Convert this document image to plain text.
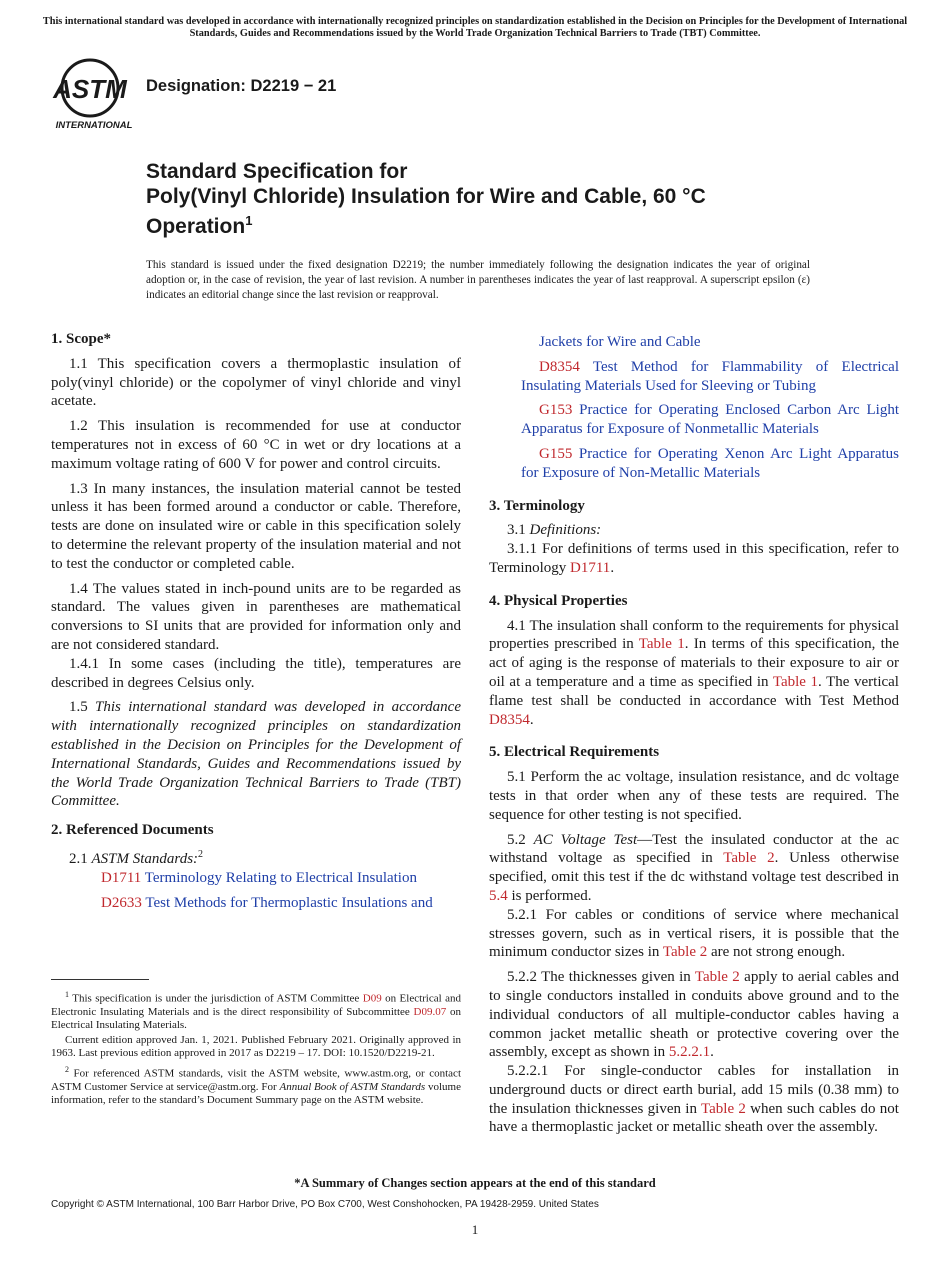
This international standard was developed in accordance with internationally recognized principles on standardization established in the Decision on Principles for the Development of International Standards, Guides and Recommendations issued by the World Trade Organization Technical Barriers to Trade (TBT) Committee.
ASTM
INTERNATIONAL
Designation: D2219 − 21
Standard Specification for
Poly(Vinyl Chloride) Insulation for Wire and Cable, 60 °C
Operation$^1$
This standard is issued under the fixed designation D2219; the number immediately following the designation indicates the year of original adoption or, in the case of revision, the year of last revision. A number in parentheses indicates the year of last reapproval. A superscript epsilon (ε) indicates an editorial change since the last revision or reapproval.
1. Scope*

1.1 This specification covers a thermoplastic insulation of poly(vinyl chloride) or the copolymer of vinyl chloride and vinyl acetate.

1.2 This insulation is recommended for use at conductor temperatures not in excess of 60 °C in wet or dry locations at a maximum voltage rating of 600 V for power and control circuits.

1.3 In many instances, the insulation material cannot be tested unless it has been formed around a conductor or cable. Therefore, tests are done on insulated wire or cable in this specification solely to determine the relevant property of the insulation material and not to test the conductor or completed cable.

1.4 The values stated in inch-pound units are to be regarded as standard. The values given in parentheses are mathematical conversions to SI units that are provided for information only and are not considered standard.

1.4.1 In some cases (including the title), temperatures are described in degrees Celsius only.

1.5 This international standard was developed in accordance with internationally recognized principles on standardization established in the Decision on Principles for the Development of International Standards, Guides and Recommendations issued by the World Trade Organization Technical Barriers to Trade (TBT) Committee.

2. Referenced Documents

2.1 ASTM Standards:$^2$

D1711 Terminology Relating to Electrical Insulation

D2633 Test Methods for Thermoplastic Insulations and

$^1$ This specification is under the jurisdiction of ASTM Committee D09 on Electrical and Electronic Insulating Materials and is the direct responsibility of Subcommittee D09.07 on Electrical Insulating Materials.

Current edition approved Jan. 1, 2021. Published February 2021. Originally approved in 1963. Last previous edition approved in 2017 as D2219 – 17. DOI: 10.1520/D2219-21.

$^2$ For referenced ASTM standards, visit the ASTM website, www.astm.org, or contact ASTM Customer Service at service@astm.org. For Annual Book of ASTM Standards volume information, refer to the standard’s Document Summary page on the ASTM website.

Jackets for Wire and Cable

D8354 Test Method for Flammability of Electrical Insulating Materials Used for Sleeving or Tubing

G153 Practice for Operating Enclosed Carbon Arc Light Apparatus for Exposure of Nonmetallic Materials

G155 Practice for Operating Xenon Arc Light Apparatus for Exposure of Non-Metallic Materials

3. Terminology

3.1 Definitions:

3.1.1 For definitions of terms used in this specification, refer to Terminology D1711.

4. Physical Properties

4.1 The insulation shall conform to the requirements for physical properties prescribed in Table 1. In terms of this specification, the act of aging is the response of materials to their exposure to air or oil at a temperature and a time as specified in Table 1. The vertical flame test shall be conducted in accordance with Test Method D8354.

5. Electrical Requirements

5.1 Perform the ac voltage, insulation resistance, and dc voltage tests in that order when any of these tests are required. The sequence for other testing is not specified.

5.2 AC Voltage Test—Test the insulated conductor at the ac withstand voltage as specified in Table 2. Unless otherwise specified, omit this test if the dc withstand voltage test described in 5.4 is performed.

5.2.1 For cables or conditions of service where mechanical stresses govern, such as in vertical risers, it is possible that the minimum conductor sizes in Table 2 are not strong enough.

5.2.2 The thicknesses given in Table 2 apply to aerial cables and to single conductors installed in conduits above ground and to the individual conductors of all multiple-conductor cables having a common jacket metallic sheath or protective covering over the assembly, except as shown in 5.2.2.1.

5.2.2.1 For single-conductor cables for installation in underground ducts or direct earth burial, add 15 mils (0.38 mm) to the insulation thicknesses given in Table 2 when such cables do not have a thermoplastic jacket or metallic sheath over the assembly.

*A Summary of Changes section appears at the end of this standard
Copyright © ASTM International, 100 Barr Harbor Drive, PO Box C700, West Conshohocken, PA 19428-2959. United States
1
